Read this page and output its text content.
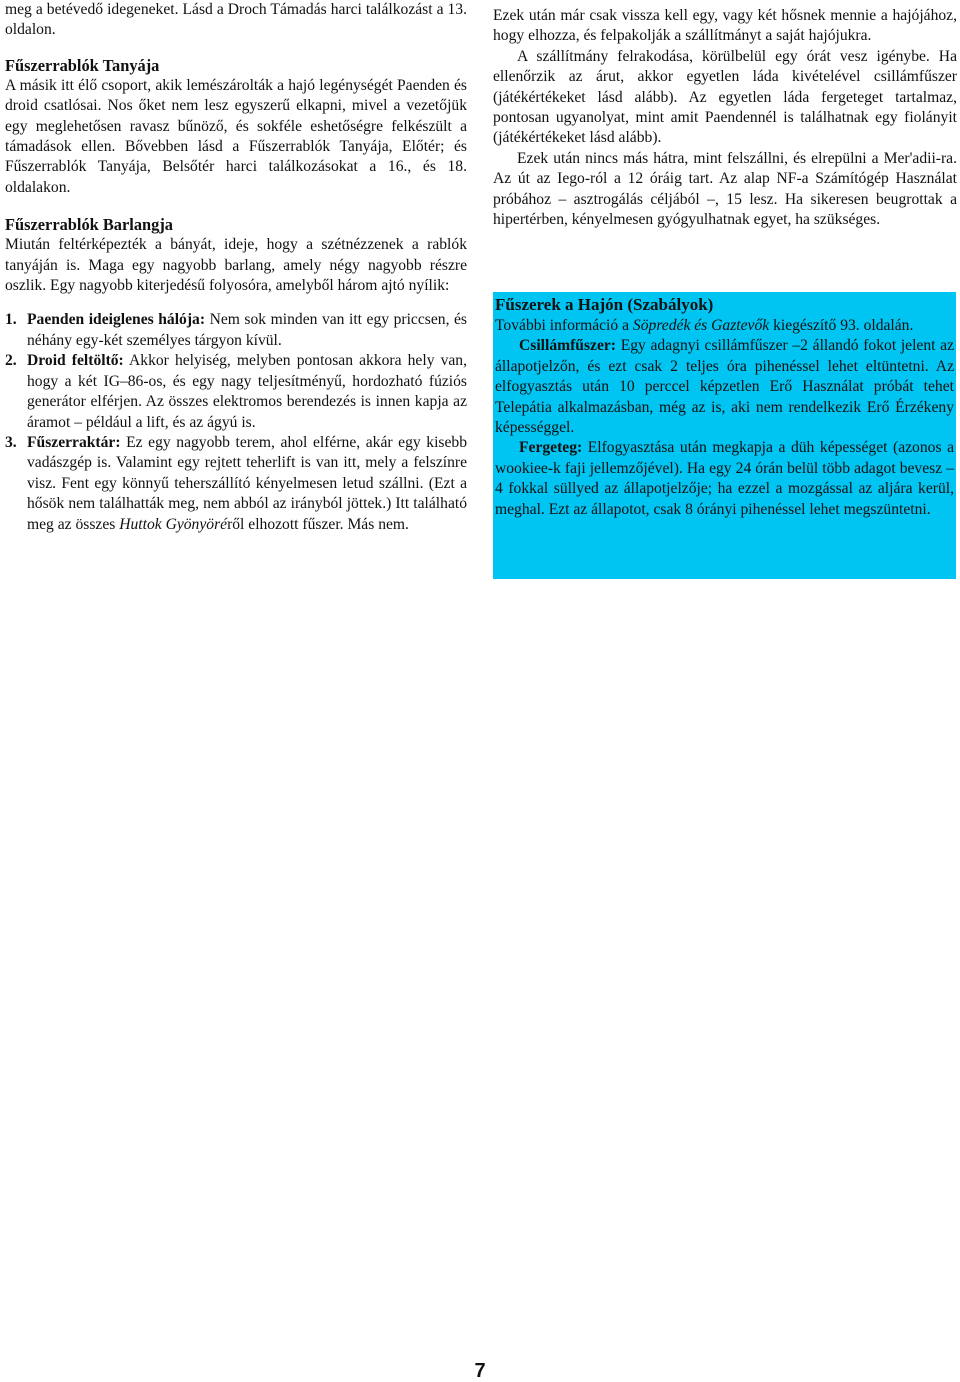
meg a betévedő idegeneket. Lásd a Droch Támadás harci találkozást a 13. oldalon.

Fűszerrablók Tanyája

A másik itt élő csoport, akik lemészárolták a hajó legénységét Paenden és droid csatlósai. Nos őket nem lesz egyszerű elkapni, mivel a vezetőjük egy meglehetősen ravasz bűnöző, és sokféle eshetőségre felkészült a támadások ellen. Bővebben lásd a Fűszerrablók Tanyája, Előtér; és Fűszerrablók Tanyája, Belsőtér harci találkozásokat a 16., és 18. oldalakon.

Fűszerrablók Barlangja

Miután feltérképezték a bányát, ideje, hogy a szétnézzenek a rablók tanyáján is. Maga egy nagyobb barlang, amely négy nagyobb részre oszlik. Egy nagyobb kiterjedésű folyosóra, amelyből három ajtó nyílik:

1. Paenden ideiglenes hálója: Nem sok minden van itt egy priccsen, és néhány egy-két személyes tárgyon kívül.
2. Droid feltöltő: Akkor helyiség, melyben pontosan akkora hely van, hogy a két IG–86-os, és egy nagy teljesítményű, hordozható fúziós generátor elférjen. Az összes elektromos berendezés is innen kapja az áramot – például a lift, és az ágyú is.
3. Fűszerraktár: Ez egy nagyobb terem, ahol elférne, akár egy kisebb vadászgép is. Valamint egy rejtett teherlift is van itt, mely a felszínre visz. Fent egy könnyű teherszállító kényelmesen letud szállni. (Ezt a hősök nem találhatták meg, nem abból az irányból jöttek.) Itt található meg az összes Huttok Gyönyöréről elhozott fűszer. Más nem.

Ezek után már csak vissza kell egy, vagy két hősnek mennie a hajójához, hogy elhozza, és felpakolják a szállítmányt a saját hajójukra.

A szállítmány felrakodása, körülbelül egy órát vesz igénybe. Ha ellenőrzik az árut, akkor egyetlen láda kivételével csillámfűszer (játékértékeket lásd alább). Az egyetlen láda fergeteget tartalmaz, pontosan ugyanolyat, mint amit Paendennél is találhatnak egy fiolányit (játékértékeket lásd alább).

Ezek után nincs más hátra, mint felszállni, és elrepülni a Mer'adii-ra. Az út az Iego-ról a 12 óráig tart. Az alap NF-a Számítógép Használat próbához – asztrogálás céljából –, 15 lesz. Ha sikeresen beugrottak a hipertérben, kényelmesen gyógyulhatnak egyet, ha szükséges.

Fűszerek a Hajón (Szabályok)

További információ a Söpredék és Gaztevők kiegészítő 93. oldalán.

Csillámfűszer: Egy adagnyi csillámfűszer –2 állandó fokot jelent az állapotjelzőn, és ezt csak 2 teljes óra pihenéssel lehet eltüntetni. Az elfogyasztás után 10 perccel képzetlen Erő Használat próbát tehet Telepátia alkalmazásban, még az is, aki nem rendelkezik Erő Érzékeny képességgel.

Fergeteg: Elfogyasztása után megkapja a düh képességet (azonos a wookiee-k faji jellemzőjével). Ha egy 24 órán belül több adagot bevesz –4 fokkal süllyed az állapotjelzője; ha ezzel a mozgással az aljára kerül, meghal. Ezt az állapotot, csak 8 órányi pihenéssel lehet megszüntetni.

7
